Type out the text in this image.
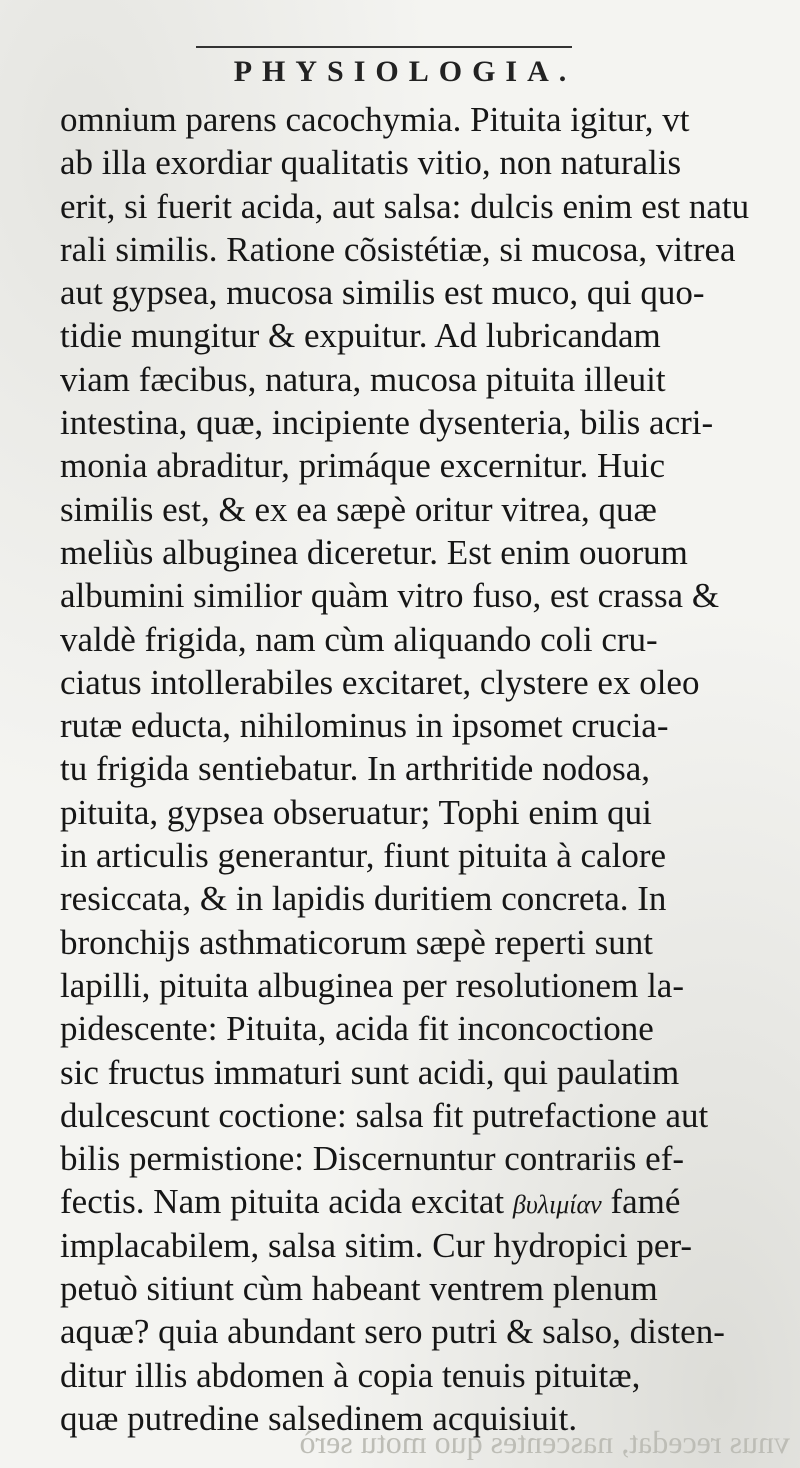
PHYSIOLOGIA.
omnium parens cacochymia. Pituita igitur, vt
ab illa exordiar qualitatis vitio, non naturalis
erit, si fuerit acida, aut salsa: dulcis enim est natu
rali similis. Ratione cõsistétiæ, si mucosa, vitrea
aut gypsea, mucosa similis est muco, qui quo-
tidie mungitur & expuitur. Ad lubricandam
viam fæcibus, natura, mucosa pituita illeuit
intestina, quæ, incipiente dysenteria, bilis acri-
monia abraditur, primáque excernitur. Huic
similis est, & ex ea sæpè oritur vitrea, quæ
meliùs albuginea diceretur. Est enim ouorum
albumini similior quàm vitro fuso, est crassa &
valdè frigida, nam cùm aliquando coli cru-
ciatus intollerabiles excitaret, clystere ex oleo
rutæ educta, nihilominus in ipsomet crucia-
tu frigida sentiebatur. In arthritide nodosa,
pituita, gypsea obseruatur; Tophi enim qui
in articulis generantur, fiunt pituita à calore
resiccata, & in lapidis duritiem concreta. In
bronchijs asthmaticorum sæpè reperti sunt
lapilli, pituita albuginea per resolutionem la-
pidescente: Pituita, acida fit inconcoctione
sic fructus immaturi sunt acidi, qui paulatim
dulcescunt coctione: salsa fit putrefactione aut
bilis permistione: Discernuntur contrariis ef-
fectis. Nam pituita acida excitat βυλιμίαν famé
implacabilem, salsa sitim. Cur hydropici per-
petuò sitiunt cùm habeant ventrem plenum
aquæ? quia abundant sero putri & salso, disten-
ditur illis abdomen à copia tenuis pituitæ,
quæ putredine salsedinem acquisiuit.
vnus recedat, nascentes quo motu serò
